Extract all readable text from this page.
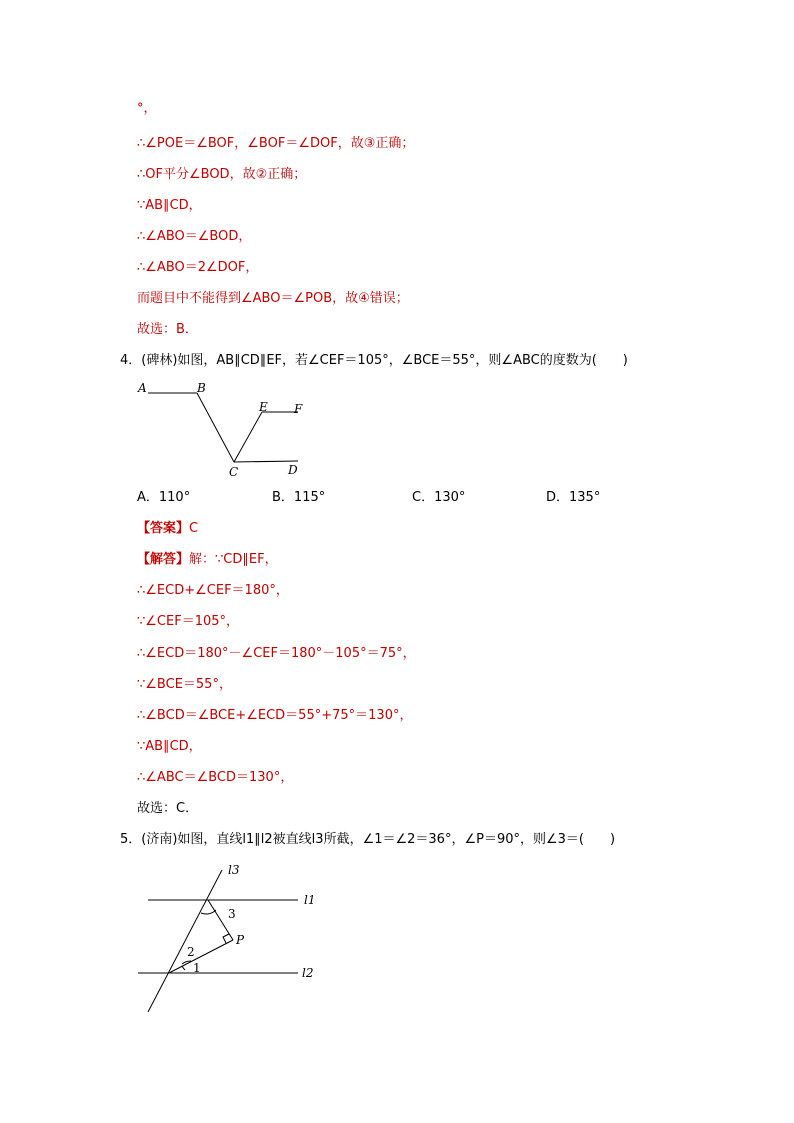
°，
∴∠POE＝∠BOF，∠BOF＝∠DOF，故③正确；
∴OF平分∠BOD，故②正确；
∵AB∥CD，
∴∠ABO＝∠BOD，
∴∠ABO＝2∠DOF，
而题目中不能得到∠ABO＝∠POB，故④错误；
故选：B．
4．(碑林)如图，AB∥CD∥EF，若∠CEF＝105°，∠BCE＝55°，则∠ABC的度数为(　　)
A	B
E F
C	D
A．110°	B．115°	C．130°	D．135°
【答案】C
【解答】解：∵CD∥EF，
∴∠ECD+∠CEF＝180°，
∵∠CEF＝105°，
∴∠ECD＝180°－∠CEF＝180°－105°＝75°，
∵∠BCE＝55°，
∴∠BCD＝∠BCE+∠ECD＝55°+75°＝130°，
∵AB∥CD，
∴∠ABC＝∠BCD＝130°，
故选：C．
5．(济南)如图，直线l1∥l2被直线l3所截，∠1＝∠2＝36°，∠P＝90°，则∠3＝(　　)
l3
l1
l2
P
3
2
1
